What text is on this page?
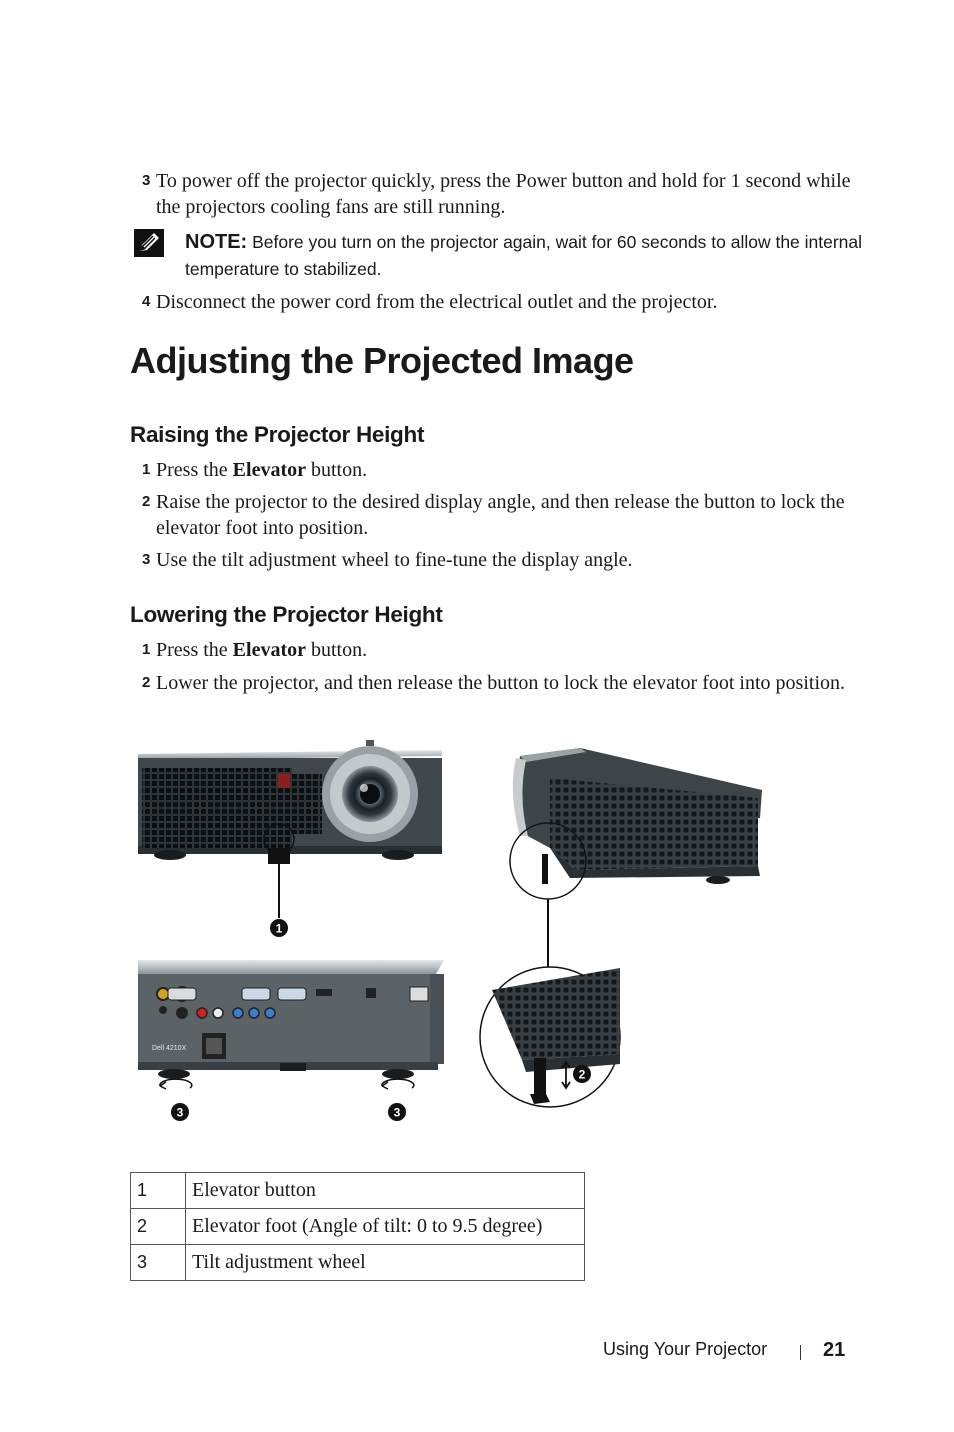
3 To power off the projector quickly, press the Power button and hold for 1 second while the projectors cooling fans are still running.
NOTE: Before you turn on the projector again, wait for 60 seconds to allow the internal temperature to stabilized.
4 Disconnect the power cord from the electrical outlet and the projector.
Adjusting the Projected Image
Raising the Projector Height
1 Press the Elevator button.
2 Raise the projector to the desired display angle, and then release the button to lock the elevator foot into position.
3 Use the tilt adjustment wheel to fine-tune the display angle.
Lowering the Projector Height
1 Press the Elevator button.
2 Lower the projector, and then release the button to lock the elevator foot into position.
Dell 4210X
1
2
3	3
1	Elevator button
2	Elevator foot (Angle of tilt: 0 to 9.5 degree)
3	Tilt adjustment wheel
Using Your Projector	21
